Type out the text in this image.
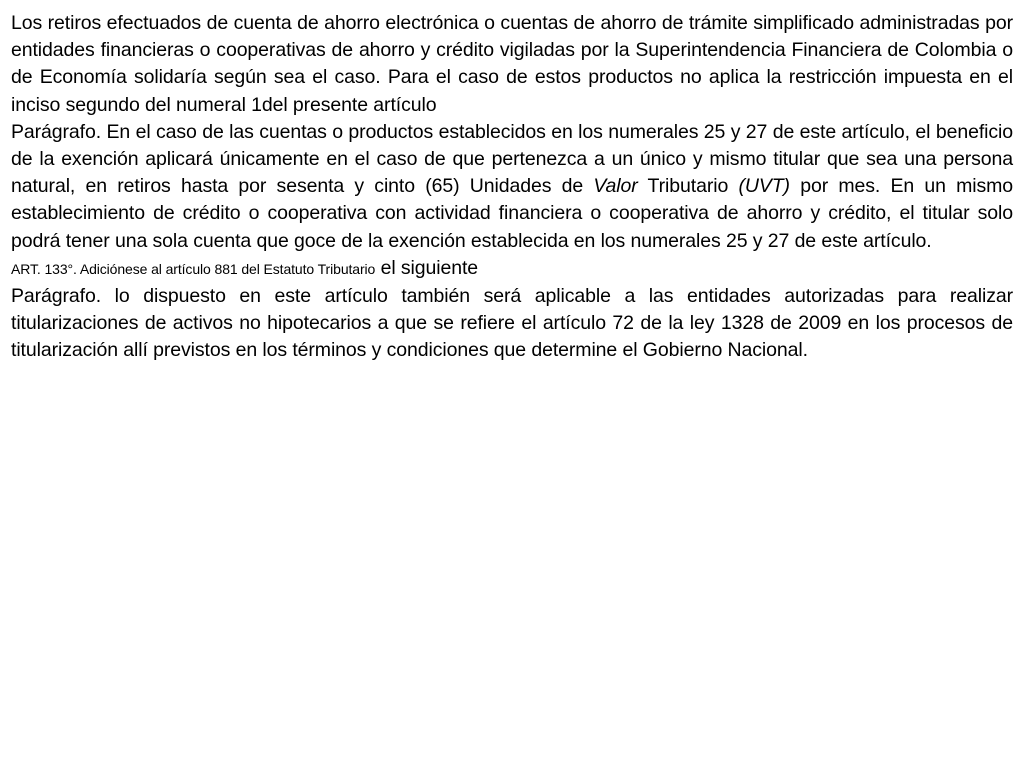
Los retiros efectuados de cuenta de ahorro electrónica o cuentas de ahorro de trámite simplificado administradas por entidades financieras o cooperativas de ahorro y crédito vigiladas por la Superintendencia Financiera de Colombia o de Economía solidaría según sea el caso. Para el caso de estos productos no aplica la restricción impuesta en el inciso segundo del numeral 1del presente artículo

Parágrafo. En el caso de las cuentas o productos establecidos en los numerales 25 y 27 de este artículo, el beneficio de la exención aplicará únicamente en el caso de que pertenezca a un único y mismo titular que sea una persona natural, en retiros hasta por sesenta y cinto (65) Unidades de Valor Tributario (UVT) por mes. En un mismo establecimiento de crédito o cooperativa con actividad financiera o cooperativa de ahorro y crédito, el titular solo podrá tener una sola cuenta que goce de la exención establecida en los numerales 25 y 27 de este artículo.

ART. 133°. Adiciónese al artículo 881 del Estatuto Tributario el siguiente

Parágrafo. lo dispuesto en este artículo también será aplicable a las entidades autorizadas para realizar titularizaciones de activos no hipotecarios a que se refiere el artículo 72 de la ley 1328 de 2009 en los procesos de titularización allí previstos en los términos y condiciones que determine el Gobierno Nacional.
